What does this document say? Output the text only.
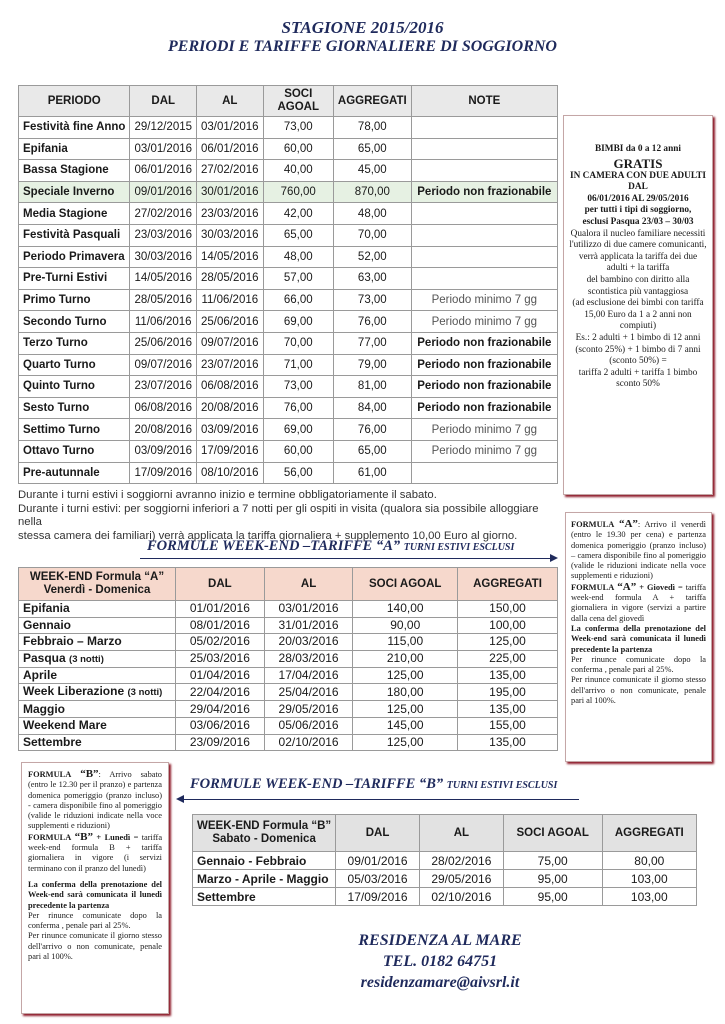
STAGIONE 2015/2016
PERIODI E TARIFFE GIORNALIERE DI SOGGIORNO
PERIODO	DAL	AL	SOCI AGOAL	AGGREGATI	NOTE
Festività fine Anno	29/12/2015	03/01/2016	73,00	78,00	
Epifania	03/01/2016	06/01/2016	60,00	65,00	
Bassa Stagione	06/01/2016	27/02/2016	40,00	45,00	
Speciale Inverno	09/01/2016	30/01/2016	760,00	870,00	Periodo non frazionabile
Media Stagione	27/02/2016	23/03/2016	42,00	48,00	
Festività Pasquali	23/03/2016	30/03/2016	65,00	70,00	
Periodo Primavera	30/03/2016	14/05/2016	48,00	52,00	
Pre-Turni Estivi	14/05/2016	28/05/2016	57,00	63,00	
Primo Turno	28/05/2016	11/06/2016	66,00	73,00	Periodo minimo 7 gg
Secondo Turno	11/06/2016	25/06/2016	69,00	76,00	Periodo minimo 7 gg
Terzo Turno	25/06/2016	09/07/2016	70,00	77,00	Periodo non frazionabile
Quarto Turno	09/07/2016	23/07/2016	71,00	79,00	Periodo non frazionabile
Quinto Turno	23/07/2016	06/08/2016	73,00	81,00	Periodo non frazionabile
Sesto Turno	06/08/2016	20/08/2016	76,00	84,00	Periodo non frazionabile
Settimo Turno	20/08/2016	03/09/2016	69,00	76,00	Periodo minimo 7 gg
Ottavo Turno	03/09/2016	17/09/2016	60,00	65,00	Periodo minimo 7 gg
Pre-autunnale	17/09/2016	08/10/2016	56,00	61,00	
Durante i turni estivi i soggiorni avranno inizio e termine obbligatoriamente il sabato.
Durante i turni estivi: per soggiorni inferiori a 7 notti per gli ospiti in visita (qualora sia possibile alloggiare nella
stessa camera dei familiari) verrà applicata la tariffa giornaliera + supplemento 10,00 Euro al giorno.
BIMBI da 0 a 12 anni
GRATIS
IN CAMERA CON DUE ADULTI DAL
06/01/2016 AL 29/05/2016
per tutti i tipi di soggiorno,
esclusi Pasqua 23/03 – 30/03
Qualora il nucleo familiare necessiti l'utilizzo di due camere comunicanti,
verrà applicata la tariffa dei due adulti + la tariffa
del bambino con diritto alla scontistica più vantaggiosa
(ad esclusione dei bimbi con tariffa 15,00 Euro da 1 a 2 anni non compiuti)
Es.: 2 adulti + 1 bimbo di 12 anni (sconto 25%) + 1 bimbo di 7 anni (sconto 50%) =
tariffa 2 adulti + tariffa 1 bimbo sconto 50%
FORMULE WEEK-END –TARIFFE “A” TURNI ESTIVI ESCLUSI
WEEK-END Formula “A”
Venerdì - Domenica	DAL	AL	SOCI AGOAL	AGGREGATI
Epifania	01/01/2016	03/01/2016	140,00	150,00
Gennaio	08/01/2016	31/01/2016	90,00	100,00
Febbraio – Marzo	05/02/2016	20/03/2016	115,00	125,00
Pasqua (3 notti)	25/03/2016	28/03/2016	210,00	225,00
Aprile	01/04/2016	17/04/2016	125,00	135,00
Week Liberazione (3 notti)	22/04/2016	25/04/2016	180,00	195,00
Maggio	29/04/2016	29/05/2016	125,00	135,00
Weekend Mare	03/06/2016	05/06/2016	145,00	155,00
Settembre	23/09/2016	02/10/2016	125,00	135,00
FORMULA “A”: Arrivo il venerdì (entro le 19.30 per cena) e partenza domenica pomeriggio (pranzo incluso) – camera disponibile fino al pomeriggio (valide le riduzioni indicate nella voce supplementi e riduzioni)
FORMULA “A” + Giovedì = tariffa week-end formula A + tariffa giornaliera in vigore (servizi a partire dalla cena del giovedì
La conferma della prenotazione del Week-end sarà comunicata il lunedì precedente la partenza
Per rinunce comunicate dopo la conferma , penale pari al 25%.
Per rinunce comunicate il giorno stesso dell'arrivo o non comunicate, penale pari al 100%.
FORMULA “B”: Arrivo sabato (entro le 12.30 per il pranzo) e partenza domenica pomeriggio (pranzo incluso) - camera disponibile fino al pomeriggio (valide le riduzioni indicate nella voce supplementi e riduzioni)
FORMULA “B” + Lunedì = tariffa week-end formula B + tariffa giornaliera in vigore (i servizi terminano con il pranzo del lunedì)
La conferma della prenotazione del Week-end sarà comunicata il lunedì precedente la partenza
Per rinunce comunicate dopo la conferma , penale pari al 25%.
Per rinunce comunicate il giorno stesso dell'arrivo o non comunicate, penale pari al 100%.
FORMULE WEEK-END –TARIFFE “B” TURNI ESTIVI ESCLUSI
WEEK-END Formula “B”
Sabato - Domenica	DAL	AL	SOCI AGOAL	AGGREGATI
Gennaio - Febbraio	09/01/2016	28/02/2016	75,00	80,00
Marzo - Aprile - Maggio	05/03/2016	29/05/2016	95,00	103,00
Settembre	17/09/2016	02/10/2016	95,00	103,00
RESIDENZA AL MARE
TEL. 0182 64751
residenzamare@aivsrl.it
